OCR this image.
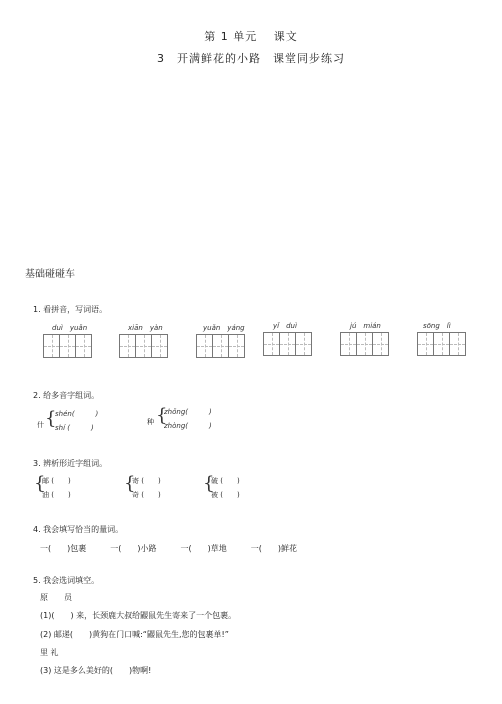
第 1 单元　 课文
3　开满鲜花的小路　课堂同步练习
基础碰碰车
1. 看拼音，写词语。
duì　yuǎn	xiān　yàn	yuǎn　yáng	yǐ　duì	jú　mián	sōng　lì
2. 给多音字组词。
什 {
shén(　　　)
shí (　　　)
种 {
zhǒng(　　　)
zhòng(　　　)
3. 辨析形近字组词。
{
邮 (　　)
油 (　　)
{
寄 (　　)
奇 (　　)
{
破 (　　)
被 (　　)
4. 我会填写恰当的量词。
一(　　)包裹　　　一(　　)小路　　　一(　　)草地　　　一(　　)鲜花
5. 我会选词填空。
原　　员
(1)(　　) 来，长颈鹿大叔给鼹鼠先生寄来了一个包裹。
(2) 邮递(　　)黄狗在门口喊:“鼹鼠先生,您的包裹单!”
里 礼
(3) 这是多么美好的(　　)物啊!
